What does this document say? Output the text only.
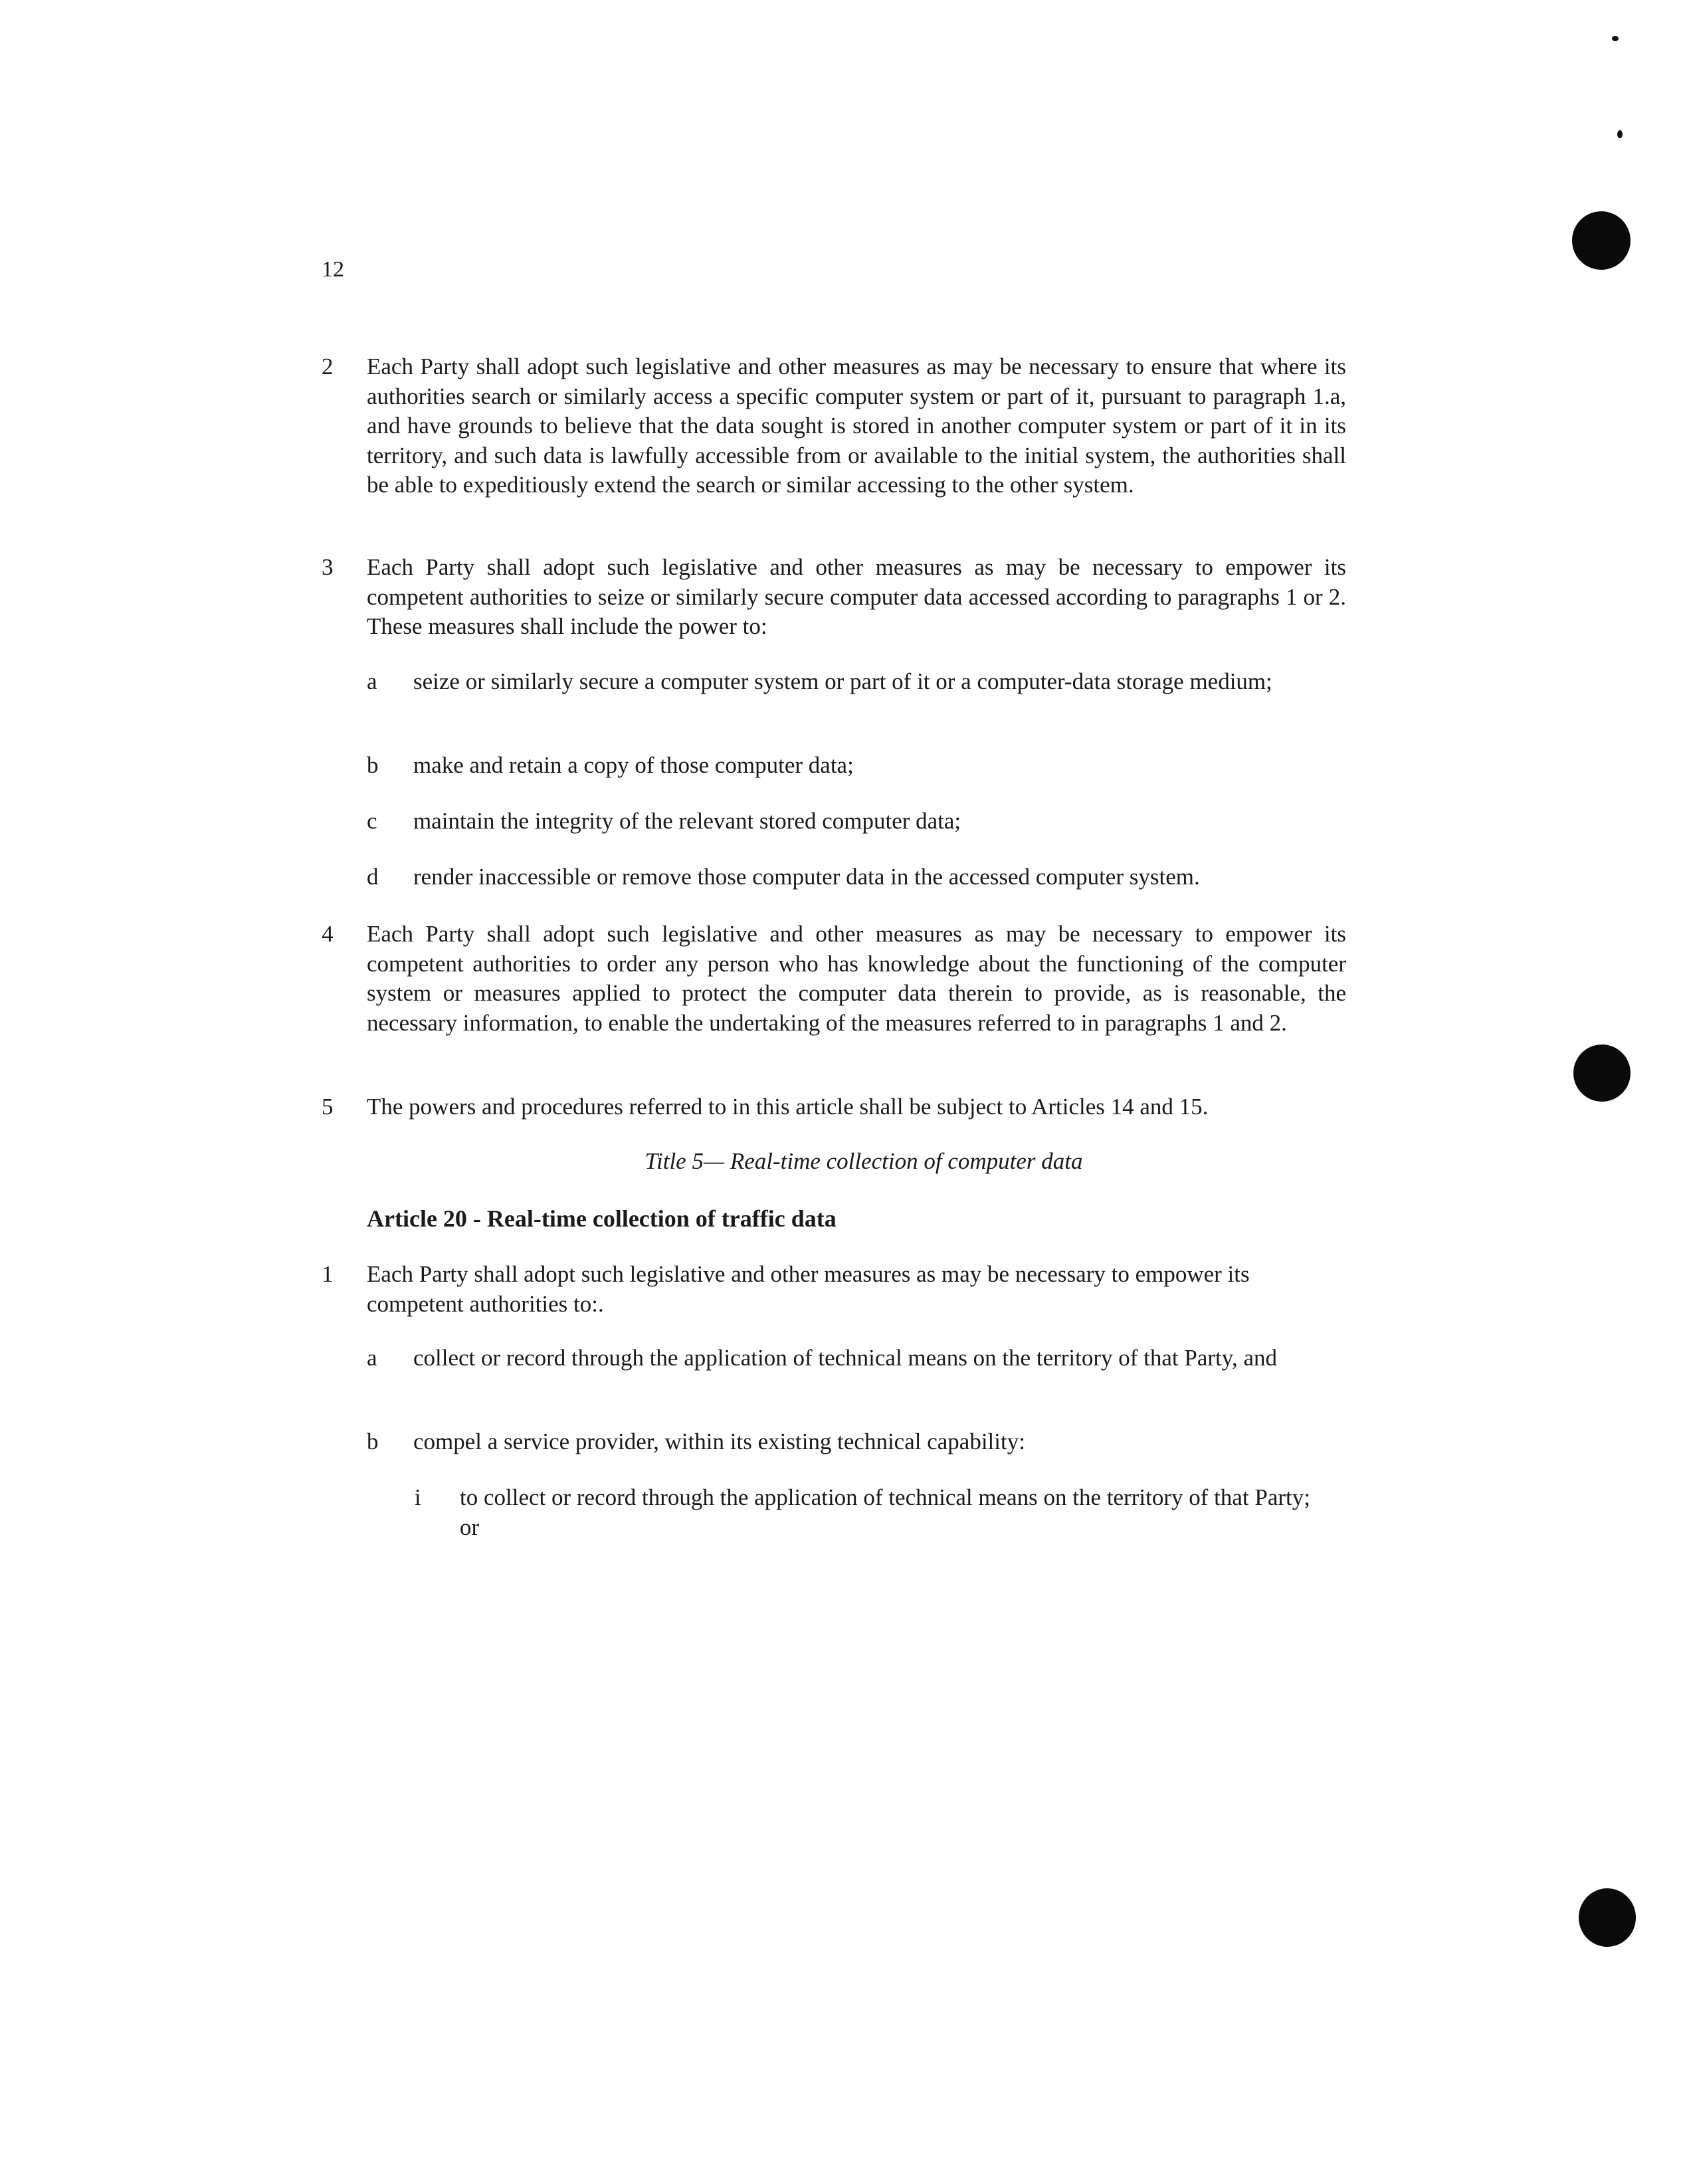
12
2 Each Party shall adopt such legislative and other measures as may be necessary to ensure that where its authorities search or similarly access a specific computer system or part of it, pursuant to paragraph 1.a, and have grounds to believe that the data sought is stored in another computer system or part of it in its territory, and such data is lawfully accessible from or available to the initial system, the authorities shall be able to expeditiously extend the search or similar accessing to the other system.
3 Each Party shall adopt such legislative and other measures as may be necessary to empower its competent authorities to seize or similarly secure computer data accessed according to paragraphs 1 or 2. These measures shall include the power to:
a seize or similarly secure a computer system or part of it or a computer-data storage medium;
b make and retain a copy of those computer data;
c maintain the integrity of the relevant stored computer data;
d render inaccessible or remove those computer data in the accessed computer system.
4 Each Party shall adopt such legislative and other measures as may be necessary to empower its competent authorities to order any person who has knowledge about the functioning of the computer system or measures applied to protect the computer data therein to provide, as is reasonable, the necessary information, to enable the undertaking of the measures referred to in paragraphs 1 and 2.
5 The powers and procedures referred to in this article shall be subject to Articles 14 and 15.
Title 5— Real-time collection of computer data
Article 20 - Real-time collection of traffic data
1 Each Party shall adopt such legislative and other measures as may be necessary to empower its competent authorities to:.
a collect or record through the application of technical means on the territory of that Party, and
b compel a service provider, within its existing technical capability:
i to collect or record through the application of technical means on the territory of that Party; or
